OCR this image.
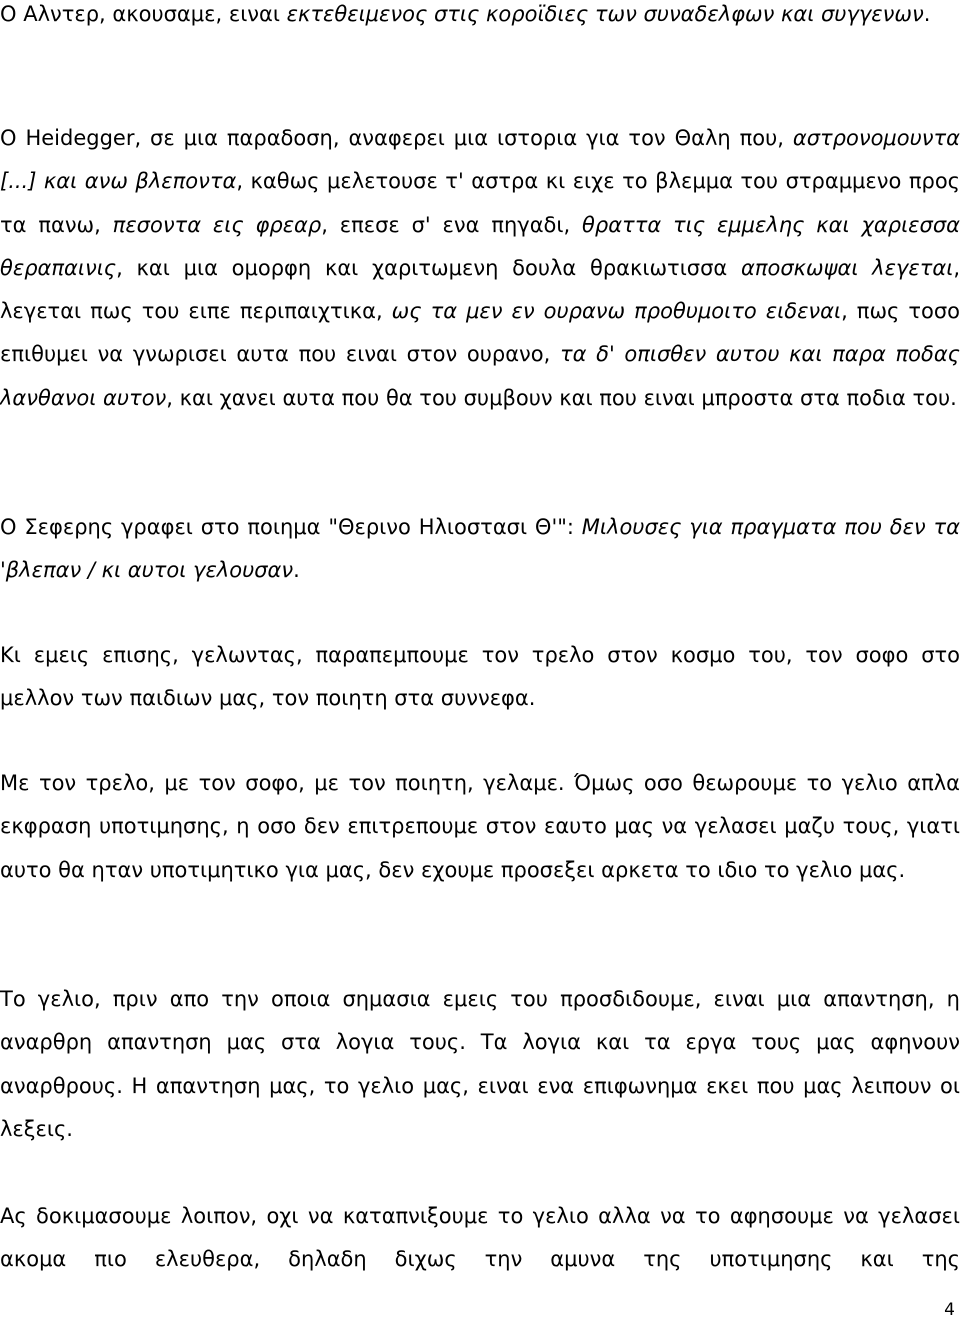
Ο Αλντερ, ακουσαμε, ειναι εκτεθειμενος στις κοροϊδιες των συναδελφων και συγγενων.

Ο Heidegger, σε μια παραδοση, αναφερει μια ιστορια για τον Θαλη που, αστρονομουντα [...] και ανω βλεποντα, καθως μελετουσε τ' αστρα κι ειχε το βλεμμα του στραμμενο προς τα πανω, πεσοντα εις φρεαρ, επεσε σ' ενα πηγαδι, θραττα τις εμμελης και χαριεσσα θεραπαινις, και μια ομορφη και χαριτωμενη δουλα θρακιωτισσα αποσκωψαι λεγεται, λεγεται πως του ειπε περιπαιχτικα, ως τα μεν εν ουρανω προθυμοιτο ειδεναι, πως τοσο επιθυμει να γνωρισει αυτα που ειναι στον ουρανο, τα δ' οπισθεν αυτου και παρα ποδας λανθανοι αυτον, και χανει αυτα που θα του συμβουν και που ειναι μπροστα στα ποδια του.

Ο Σεφερης γραφει στο ποιημα "Θερινο Ηλιοστασι Θ'": Μιλουσες για πραγματα που δεν τα 'βλεπαν / κι αυτοι γελουσαν.

Κι εμεις επισης, γελωντας, παραπεμπουμε τον τρελο στον κοσμο του, τον σοφο στο μελλον των παιδιων μας, τον ποιητη στα συννεφα.

Με τον τρελο, με τον σοφο, με τον ποιητη, γελαμε. Όμως οσο θεωρουμε το γελιο απλα εκφραση υποτιμησης, η οσο δεν επιτρεπουμε στον εαυτο μας να γελασει μαζυ τους, γιατι αυτο θα ηταν υποτιμητικο για μας, δεν εχουμε προσεξει αρκετα το ιδιο το γελιο μας.

Το γελιο, πριν απο την οποια σημασια εμεις του προσδιδουμε, ειναι μια απαντηση, η αναρθρη απαντηση μας στα λογια τους. Τα λογια και τα εργα τους μας αφηνουν αναρθρους. Η απαντηση μας, το γελιο μας, ειναι ενα επιφωνημα εκει που μας λειπουν οι λεξεις.

Ας δοκιμασουμε λοιπον, οχι να καταπνιξουμε το γελιο αλλα να το αφησουμε να γελασει ακομα πιο ελευθερα, δηλαδη διχως την αμυνα της υποτιμησης και της

4
